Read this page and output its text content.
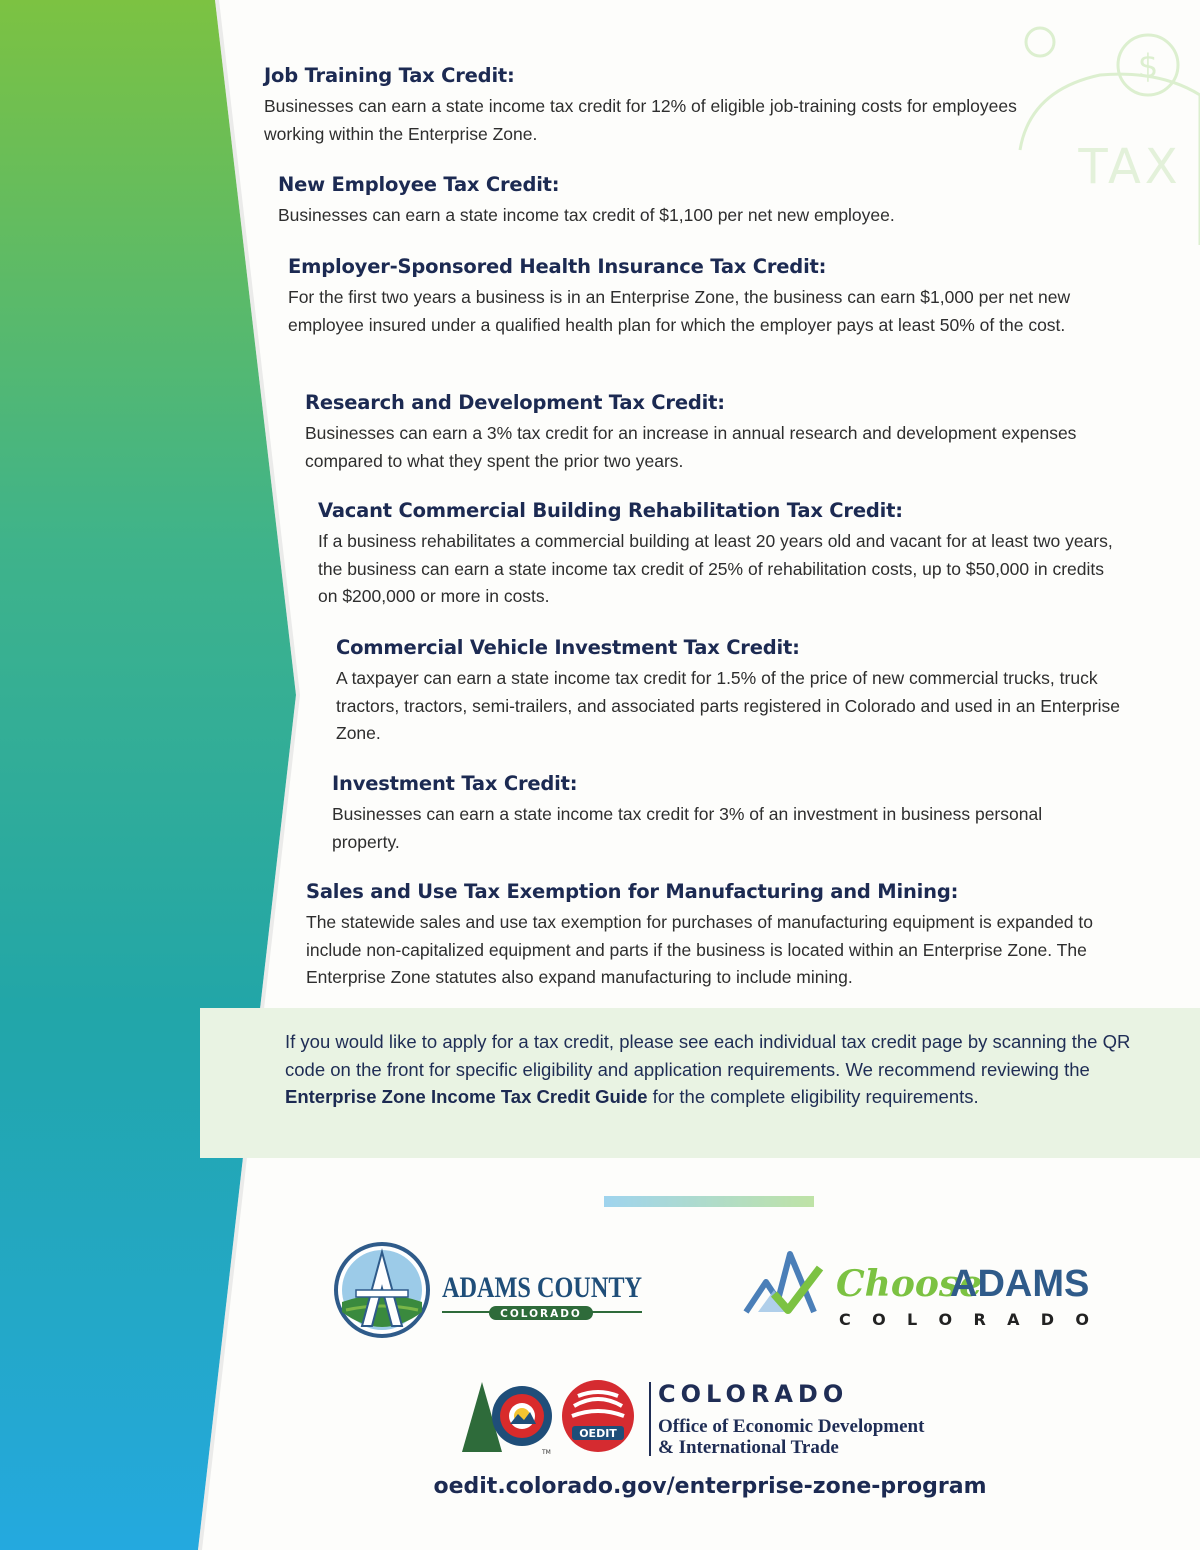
$
TAX
Job Training Tax Credit:

Businesses can earn a state income tax credit for 12% of eligible job-training costs for employees working within the Enterprise Zone.

New Employee Tax Credit:

Businesses can earn a state income tax credit of $1,100 per net new employee.

Employer-Sponsored Health Insurance Tax Credit:

For the first two years a business is in an Enterprise Zone, the business can earn $1,000 per net new employee insured under a qualified health plan for which the employer pays at least 50% of the cost.

Research and Development Tax Credit:

Businesses can earn a 3% tax credit for an increase in annual research and development expenses compared to what they spent the prior two years.

Vacant Commercial Building Rehabilitation Tax Credit:

If a business rehabilitates a commercial building at least 20 years old and vacant for at least two years, the business can earn a state income tax credit of 25% of rehabilitation costs, up to $50,000 in credits on $200,000 or more in costs.

Commercial Vehicle Investment Tax Credit:

A taxpayer can earn a state income tax credit for 1.5% of the price of new commercial trucks, truck tractors, tractors, semi-trailers, and associated parts registered in Colorado and used in an Enterprise Zone.

Investment Tax Credit:

Businesses can earn a state income tax credit for 3% of an investment in business personal property.

Sales and Use Tax Exemption for Manufacturing and Mining:

The statewide sales and use tax exemption for purchases of manufacturing equipment is expanded to include non-capitalized equipment and parts if the business is located within an Enterprise Zone. The Enterprise Zone statutes also expand manufacturing to include mining.

If you would like to apply for a tax credit, please see each individual tax credit page by scanning the QR code on the front for specific eligibility and application requirements. We recommend reviewing the Enterprise Zone Income Tax Credit Guide for the complete eligibility requirements.

ADAMS COUNTY
COLORADO
Choose
ADAMS
C O L O R A D O
TM
OEDIT
COLORADO
Office of Economic Development
& International Trade

oedit.colorado.gov/enterprise-zone-program
